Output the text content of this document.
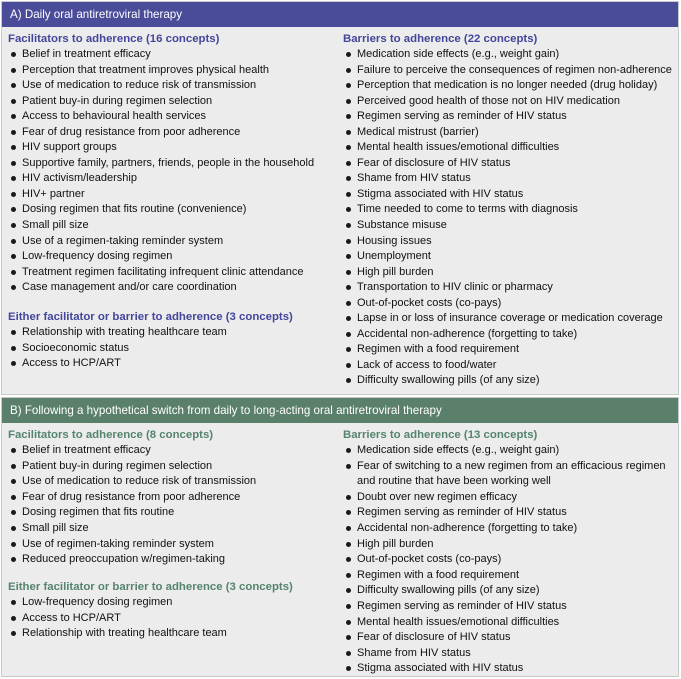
A) Daily oral antiretroviral therapy
Facilitators to adherence (16 concepts)
Belief in treatment efficacy
Perception that treatment improves physical health
Use of medication to reduce risk of transmission
Patient buy-in during regimen selection
Access to behavioural health services
Fear of drug resistance from poor adherence
HIV support groups
Supportive family, partners, friends, people in the household
HIV activism/leadership
HIV+ partner
Dosing regimen that fits routine (convenience)
Small pill size
Use of a regimen-taking reminder system
Low-frequency dosing regimen
Treatment regimen facilitating infrequent clinic attendance
Case management and/or care coordination
Either facilitator or barrier to adherence (3 concepts)
Relationship with treating healthcare team
Socioeconomic status
Access to HCP/ART
Barriers to adherence (22 concepts)
Medication side effects (e.g., weight gain)
Failure to perceive the consequences of regimen non-adherence
Perception that medication is no longer needed (drug holiday)
Perceived good health of those not on HIV medication
Regimen serving as reminder of HIV status
Medical mistrust (barrier)
Mental health issues/emotional difficulties
Fear of disclosure of HIV status
Shame from HIV status
Stigma associated with HIV status
Time needed to come to terms with diagnosis
Substance misuse
Housing issues
Unemployment
High pill burden
Transportation to HIV clinic or pharmacy
Out-of-pocket costs (co-pays)
Lapse in or loss of insurance coverage or medication coverage
Accidental non-adherence (forgetting to take)
Regimen with a food requirement
Lack of access to food/water
Difficulty swallowing pills (of any size)
B) Following a hypothetical switch from daily to long-acting oral antiretroviral therapy
Facilitators to adherence (8 concepts)
Belief in treatment efficacy
Patient buy-in during regimen selection
Use of medication to reduce risk of transmission
Fear of drug resistance from poor adherence
Dosing regimen that fits routine
Small pill size
Use of regimen-taking reminder system
Reduced preoccupation w/regimen-taking
Either facilitator or barrier to adherence (3 concepts)
Low-frequency dosing regimen
Access to HCP/ART
Relationship with treating healthcare team
Barriers to adherence (13 concepts)
Medication side effects (e.g., weight gain)
Fear of switching to a new regimen from an efficacious regimen and routine that have been working well
Doubt over new regimen efficacy
Regimen serving as reminder of HIV status
Accidental non-adherence (forgetting to take)
High pill burden
Out-of-pocket costs (co-pays)
Regimen with a food requirement
Difficulty swallowing pills (of any size)
Regimen serving as reminder of HIV status
Mental health issues/emotional difficulties
Fear of disclosure of HIV status
Shame from HIV status
Stigma associated with HIV status
